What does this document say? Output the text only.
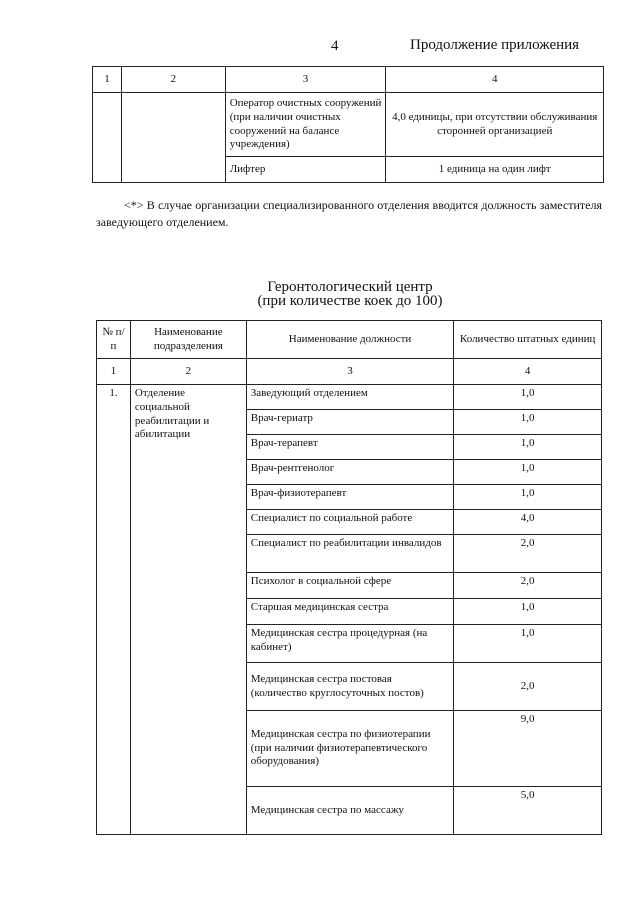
4	Продолжение приложения
1	2	3	4
		Оператор очистных сооружений (при наличии очистных сооружений на балансе учреждения)	4,0 единицы, при отсутствии обслуживания сторонней организацией
		Лифтер	1 единица на один лифт
<*> В случае организации специализированного отделения вводится должность заместителя заведующего отделением.
Геронтологический центр
(при количестве коек до 100)
№ п/п	Наименование подразделения	Наименование должности	Количество штатных единиц
1	2	3	4
1.	Отделение социальной реабилитации и абилитации	Заведующий отделением	1,0
		Врач-гериатр	1,0
		Врач-терапевт	1,0
		Врач-рентгенолог	1,0
		Врач-физиотерапевт	1,0
		Специалист по социальной работе	4,0
		Специалист по реабилитации инвалидов	2,0
		Психолог в социальной сфере	2,0
		Старшая медицинская сестра	1,0
		Медицинская сестра процедурная (на кабинет)	1,0
		Медицинская сестра постовая (количество круглосуточных постов)	2,0
		Медицинская сестра по физиотерапии (при наличии физиотерапевтического оборудования)	9,0
		Медицинская сестра по массажу	5,0
